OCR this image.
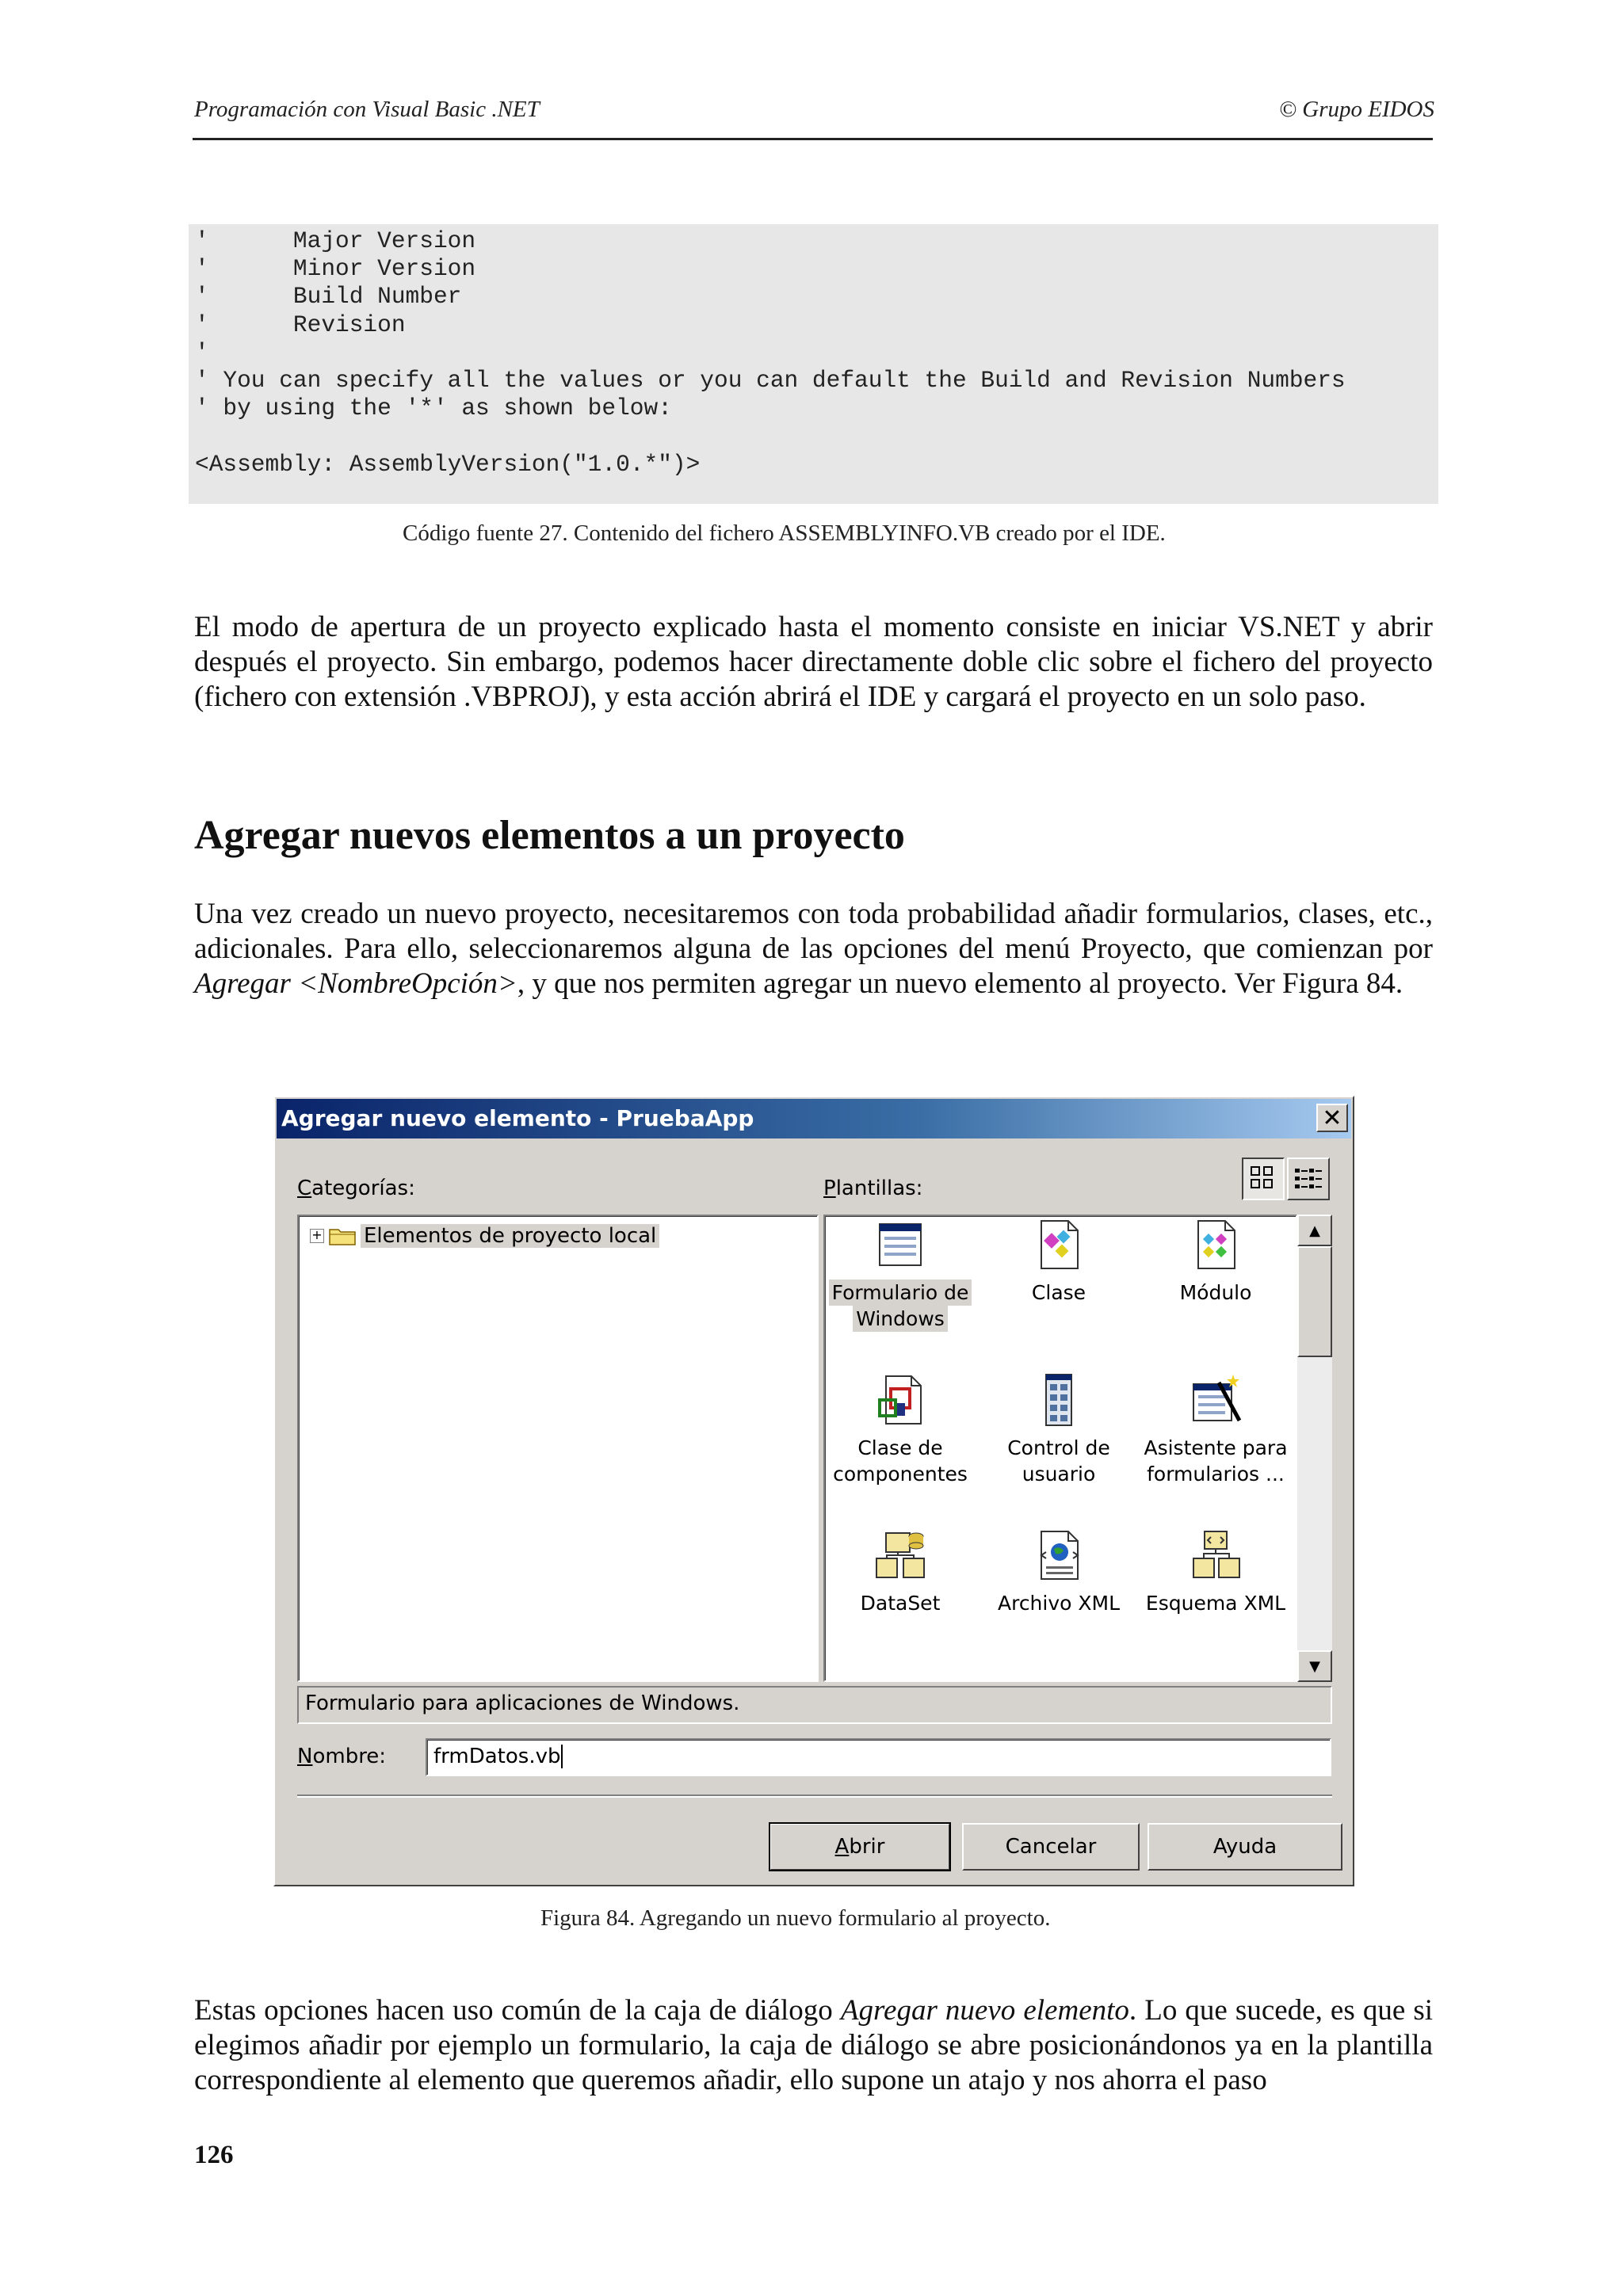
Programación con Visual Basic .NET	© Grupo EIDOS
'      Major Version
'      Minor Version
'      Build Number
'      Revision
'
' You can specify all the values or you can default the Build and Revision Numbers
' by using the '*' as shown below:
<Assembly: AssemblyVersion("1.0.*")>
Código fuente 27. Contenido del fichero ASSEMBLYINFO.VB creado por el IDE.

El modo de apertura de un proyecto explicado hasta el momento consiste en iniciar VS.NET y abrir después el proyecto. Sin embargo, podemos hacer directamente doble clic sobre el fichero del proyecto (fichero con extensión .VBPROJ), y esta acción abrirá el IDE y cargará el proyecto en un solo paso.

Agregar nuevos elementos a un proyecto

Una vez creado un nuevo proyecto, necesitaremos con toda probabilidad añadir formularios, clases, etc., adicionales. Para ello, seleccionaremos alguna de las opciones del menú Proyecto, que comienzan por Agregar <NombreOpción>, y que nos permiten agregar un nuevo elemento al proyecto. Ver Figura 84.

Agregar nuevo elemento - PruebaApp	✕
Categorías:	Plantillas:
+ Elementos de proyecto local
Formulario de
Windows
Clase	Módulo
Clase de
componentes
Control de
usuario
Asistente para
formularios ...
DataSet	Archivo XML	Esquema XML
▲
▼
Formulario para aplicaciones de Windows.
Nombre:	frmDatos.vb
A brir	Cancelar	Ayuda
Figura 84. Agregando un nuevo formulario al proyecto.

Estas opciones hacen uso común de la caja de diálogo Agregar nuevo elemento. Lo que sucede, es que si elegimos añadir por ejemplo un formulario, la caja de diálogo se abre posicionándonos ya en la plantilla correspondiente al elemento que queremos añadir, ello supone un atajo y nos ahorra el paso

126
